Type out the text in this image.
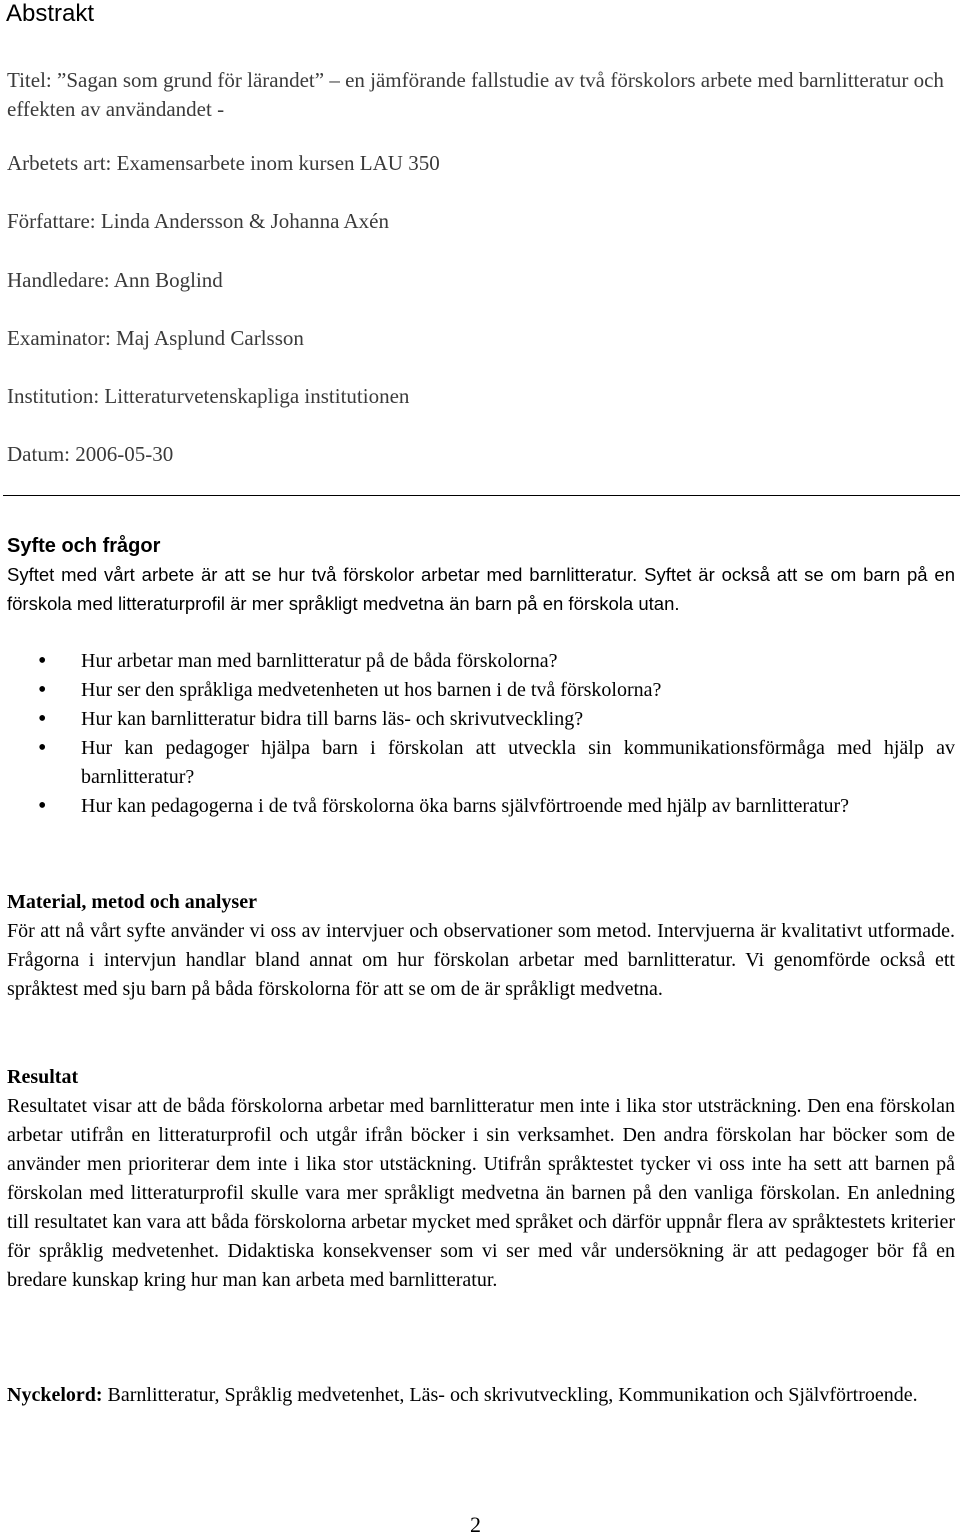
Abstrakt
Titel: ”Sagan som grund för lärandet” – en jämförande fallstudie av två förskolors arbete med barnlitteratur och effekten av användandet -
Arbetets art: Examensarbete inom kursen LAU 350
Författare: Linda Andersson & Johanna Axén
Handledare: Ann Boglind
Examinator: Maj Asplund Carlsson
Institution: Litteraturvetenskapliga institutionen
Datum: 2006-05-30
Syfte och frågor
Syftet med vårt arbete är att se hur två förskolor arbetar med barnlitteratur. Syftet är också att se om barn på en förskola med litteraturprofil är mer språkligt medvetna än barn på en förskola utan.
• Hur arbetar man med barnlitteratur på de båda förskolorna?
• Hur ser den språkliga medvetenheten ut hos barnen i de två förskolorna?
• Hur kan barnlitteratur bidra till barns läs- och skrivutveckling?
• Hur kan pedagoger hjälpa barn i förskolan att utveckla sin kommunikationsförmåga med hjälp av barnlitteratur?
• Hur kan pedagogerna i de två förskolorna öka barns självförtroende med hjälp av barnlitteratur?
Material, metod och analyser
För att nå vårt syfte använder vi oss av intervjuer och observationer som metod. Intervjuerna är kvalitativt utformade. Frågorna i intervjun handlar bland annat om hur förskolan arbetar med barnlitteratur. Vi genomförde också ett språktest med sju barn på båda förskolorna för att se om de är språkligt medvetna.
Resultat
Resultatet visar att de båda förskolorna arbetar med barnlitteratur men inte i lika stor utsträckning. Den ena förskolan arbetar utifrån en litteraturprofil och utgår ifrån böcker i sin verksamhet. Den andra förskolan har böcker som de använder men prioriterar dem inte i lika stor utstäckning. Utifrån språktestet tycker vi oss inte ha sett att barnen på förskolan med litteraturprofil skulle vara mer språkligt medvetna än barnen på den vanliga förskolan. En anledning till resultatet kan vara att båda förskolorna arbetar mycket med språket och därför uppnår flera av språktestets kriterier för språklig medvetenhet. Didaktiska konsekvenser som vi ser med vår undersökning är att pedagoger bör få en bredare kunskap kring hur man kan arbeta med barnlitteratur.
Nyckelord: Barnlitteratur, Språklig medvetenhet, Läs- och skrivutveckling, Kommunikation och Självförtroende.
2
